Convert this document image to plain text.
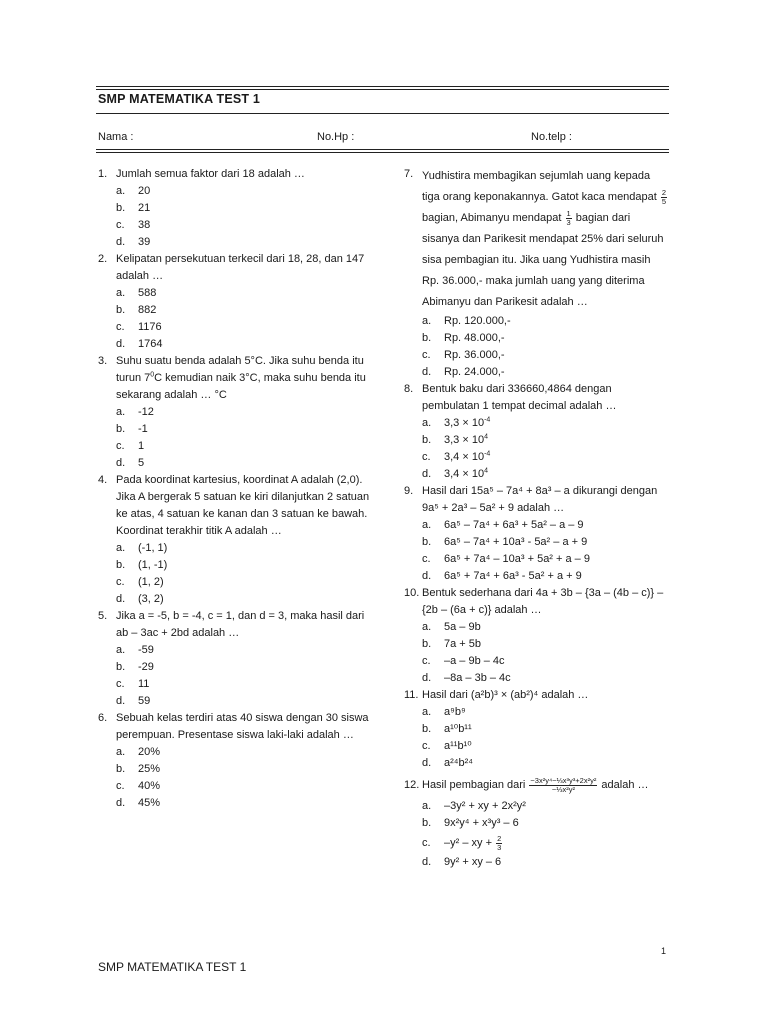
SMP MATEMATIKA TEST 1
Nama :	No.Hp :	No.telp :
1. Jumlah semua faktor dari 18 adalah …
a.	20
b.	21
c.	38
d.	39
2. Kelipatan persekutuan terkecil dari 18, 28, dan 147 adalah …
a.	588
b.	882
c.	1176
d.	1764
3. Suhu suatu benda adalah 5°C. Jika suhu benda itu turun $7^0C$ kemudian naik 3°C, maka suhu benda itu sekarang adalah … °C
a.	-12
b.	-1
c.	1
d.	5
4. Pada koordinat kartesius, koordinat A adalah (2,0). Jika A bergerak 5 satuan ke kiri dilanjutkan 2 satuan ke atas, 4 satuan ke kanan dan 3 satuan ke bawah. Koordinat terakhir titik A adalah …
a.	(-1, 1)
b.	(1, -1)
c.	(1, 2)
d.	(3, 2)
5. Jika a = -5, b = -4, c = 1, dan d = 3, maka hasil dari ab – 3ac + 2bd adalah …
a.	-59
b.	-29
c.	11
d.	59
6. Sebuah kelas terdiri atas 40 siswa dengan 30 siswa perempuan. Presentase siswa laki-laki adalah …
a.	20%
b.	25%
c.	40%
d.	45%
7. Yudhistira membagikan sejumlah uang kepada tiga orang keponakannya. Gatot kaca mendapat $\frac{2}{5}$
bagian, Abimanyu mendapat $\frac{1}{3}$ bagian dari sisanya dan Parikesit mendapat 25% dari seluruh sisa pembagian itu. Jika uang Yudhistira masih Rp. 36.000,- maka jumlah uang yang diterima Abimanyu dan Parikesit adalah …
a.	Rp. 120.000,-
b.	Rp. 48.000,-
c.	Rp. 36.000,-
d.	Rp. 24.000,-
8. Bentuk baku dari 336660,4864 dengan pembulatan 1 tempat decimal adalah …
a.	$3,3 \times 10^{-4}$
b.	$3,3 \times 10^4$
c.	$3,4 \times 10^{-4}$
d.	$3,4 \times 10^4$
9. Hasil dari 15a⁵ – 7a⁴ + 8a³ – a dikurangi dengan 9a⁵ + 2a³ – 5a² + 9 adalah …
a.	6a⁵ – 7a⁴ + 6a³ + 5a² – a – 9
b.	6a⁵ – 7a⁴ + 10a³ - 5a² – a + 9
c.	6a⁵ + 7a⁴ – 10a³ + 5a² + a – 9
d.	6a⁵ + 7a⁴ + 6a³ - 5a² + a + 9
10. Bentuk sederhana dari 4a + 3b – {3a – (4b – c)} – {2b – (6a + c)} adalah …
a.	5a – 9b
b.	7a + 5b
c.	–a – 9b – 4c
d.	–8a – 3b – 4c
11. Hasil dari (a²b)³ × (ab²)⁴ adalah …
a.	a⁹b⁹
b.	a¹⁰b¹¹
c.	a¹¹b¹⁰
d.	a²⁴b²⁴
12. Hasil pembagian dari $\frac{\text{−3x²y⁴−⅓x³y³+2x²y²}}{\text{−⅓x²y²}}$ adalah …
a.	–3y² + xy + 2x²y²
b.	9x²y⁴ + x³y³ – 6
c.	–y² – xy + $\frac{2}{3}$
d.	9y² + xy – 6
1
SMP MATEMATIKA TEST 1
